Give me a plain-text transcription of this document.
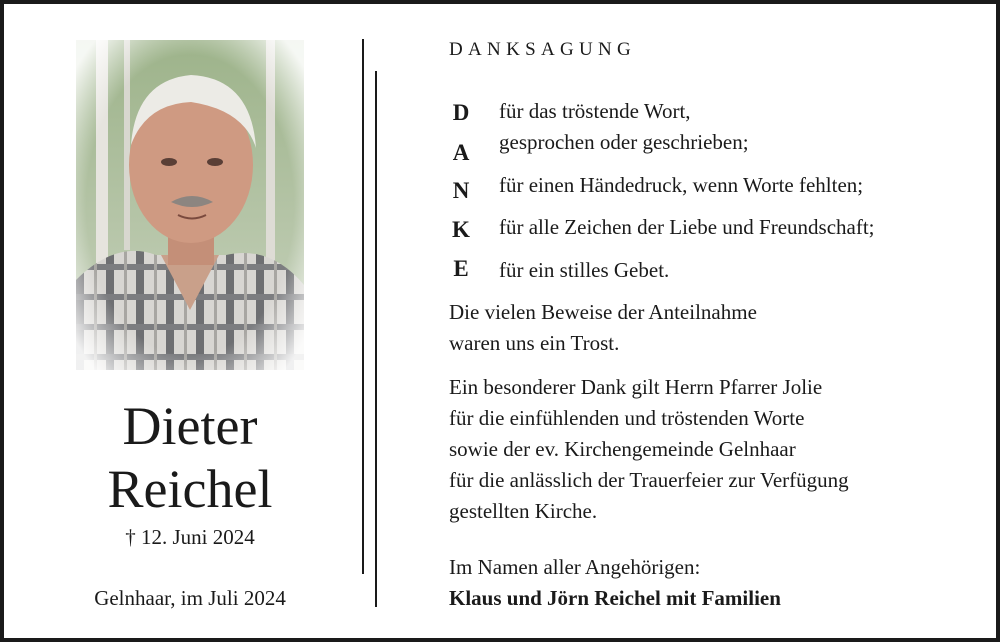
Dieter
Reichel
† 12. Juni 2024
Gelnhaar, im Juli 2024
DANKSAGUNG
D
A
N
K
E
für das tröstende Wort,
gesprochen oder geschrieben;
für einen Händedruck, wenn Worte fehlten;
für alle Zeichen der Liebe und Freundschaft;
für ein stilles Gebet.
Die vielen Beweise der Anteilnahme
waren uns ein Trost.
Ein besonderer Dank gilt Herrn Pfarrer Jolie
für die einfühlenden und tröstenden Worte
sowie der ev. Kirchengemeinde Gelnhaar
für die anlässlich der Trauerfeier zur Verfügung
gestellten Kirche.
Im Namen aller Angehörigen:
Klaus und Jörn Reichel mit Familien
